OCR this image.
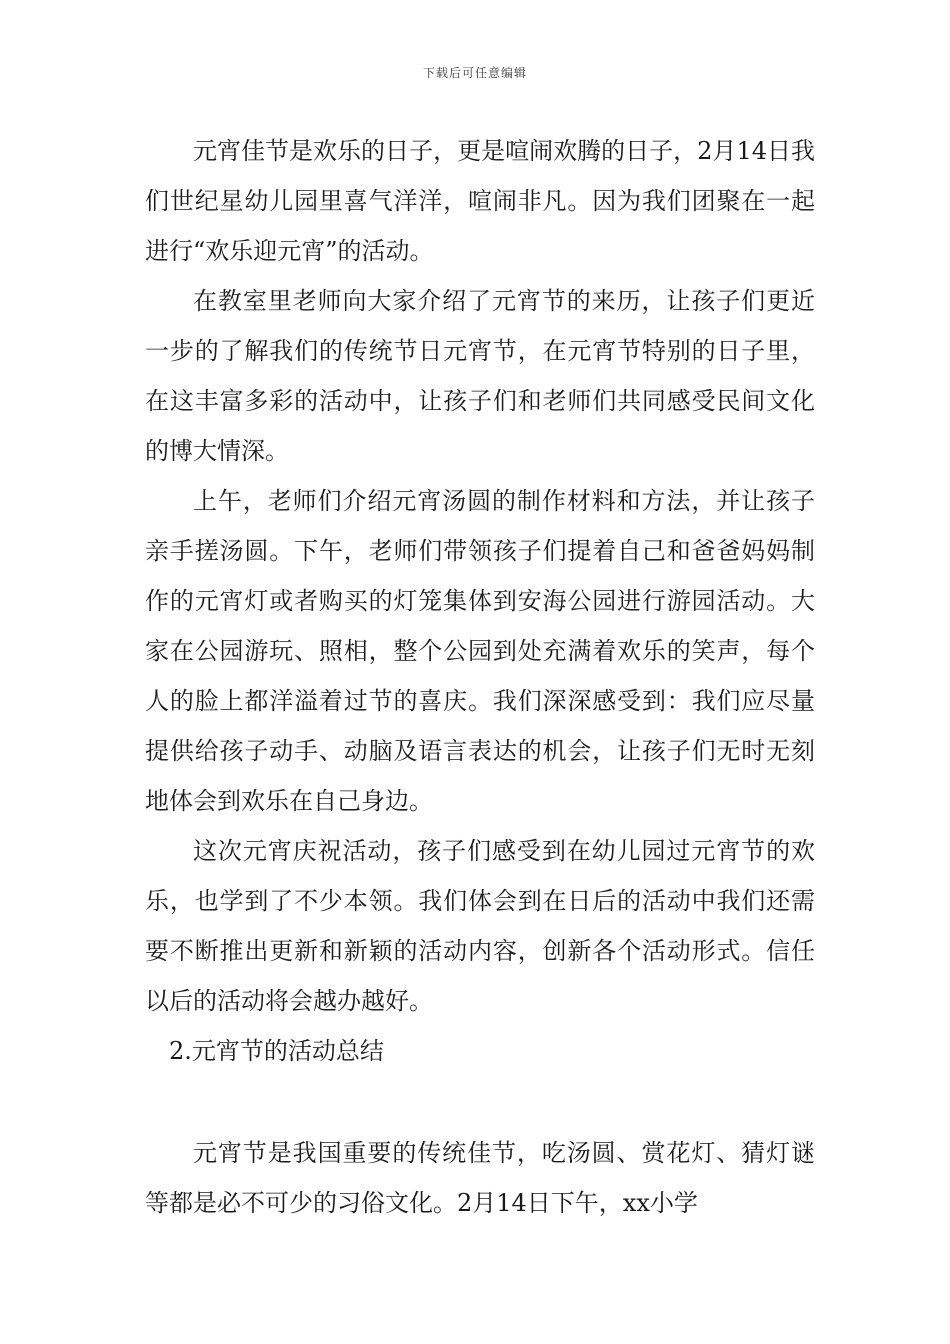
下载后可任意编辑

元宵佳节是欢乐的日子，更是喧闹欢腾的日子，2月14日我们世纪星幼儿园里喜气洋洋，喧闹非凡。因为我们团聚在一起进行“欢乐迎元宵”的活动。

在教室里老师向大家介绍了元宵节的来历，让孩子们更近一步的了解我们的传统节日元宵节，在元宵节特别的日子里，在这丰富多彩的活动中，让孩子们和老师们共同感受民间文化的博大情深。

上午，老师们介绍元宵汤圆的制作材料和方法，并让孩子亲手搓汤圆。下午，老师们带领孩子们提着自己和爸爸妈妈制作的元宵灯或者购买的灯笼集体到安海公园进行游园活动。大家在公园游玩、照相，整个公园到处充满着欢乐的笑声，每个人的脸上都洋溢着过节的喜庆。我们深深感受到：我们应尽量提供给孩子动手、动脑及语言表达的机会，让孩子们无时无刻地体会到欢乐在自己身边。

这次元宵庆祝活动，孩子们感受到在幼儿园过元宵节的欢乐，也学到了不少本领。我们体会到在日后的活动中我们还需要不断推出更新和新颖的活动内容，创新各个活动形式。信任以后的活动将会越办越好。

2.元宵节的活动总结

元宵节是我国重要的传统佳节，吃汤圆、赏花灯、猜灯谜等都是必不可少的习俗文化。2月14日下午，xx小学
